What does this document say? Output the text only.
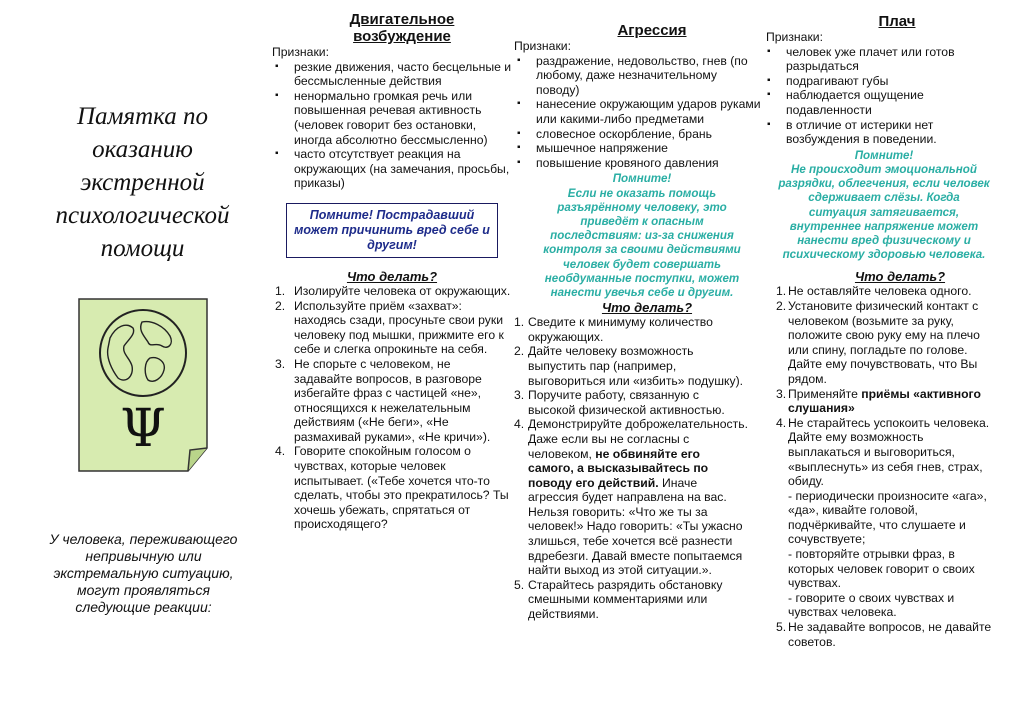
Памятка по
оказанию
экстренной
психологической
помощи
Ψ
У человека, переживающего
непривычную или
экстремальную ситуацию,
могут проявляться
следующие реакции:
Двигательное
возбуждение
Признаки:
▪ резкие движения, часто бесцельные и бессмысленные действия
▪ ненормально громкая речь или повышенная речевая активность (человек говорит без остановки, иногда абсолютно бессмысленно)
▪ часто отсутствует реакция на окружающих (на замечания, просьбы, приказы)
Помните! Пострадавший может причинить вред себе и другим!
Что делать?
1. Изолируйте человека от окружающих.
2. Используйте приём «захват»: находясь сзади, просуньте свои руки человеку под мышки, прижмите его к себе и слегка опрокиньте на себя.
3. Не спорьте с человеком, не задавайте вопросов, в разговоре избегайте фраз с частицей «не», относящихся к нежелательным действиям («Не беги», «Не размахивай руками», «Не кричи»).
4. Говорите спокойным голосом о чувствах, которые человек испытывает. («Тебе хочется что-то сделать, чтобы это прекратилось? Ты хочешь убежать, спрятаться от происходящего?
Агрессия
Признаки:
▪ раздражение, недовольство, гнев (по любому, даже незначительному поводу)
▪ нанесение окружающим ударов руками или какими-либо предметами
▪ словесное оскорбление, брань
▪ мышечное напряжение
▪ повышение кровяного давления
Помните!
Если не оказать помощь разъярённому человеку, это приведёт к опасным последствиям: из-за снижения контроля за своими действиями человек будет совершать необдуманные поступки, может нанести увечья себе и другим.
Что делать?
1. Сведите к минимуму количество окружающих.
2. Дайте человеку возможность выпустить пар (например, выговориться или «избить» подушку).
3. Поручите работу, связанную с высокой физической активностью.
4. Демонстрируйте доброжелательность. Даже если вы не согласны с человеком, не обвиняйте его самого, а высказывайтесь по поводу его действий. Иначе агрессия будет направлена на вас. Нельзя говорить: «Что же ты за человек!» Надо говорить: «Ты ужасно злишься, тебе хочется всё разнести вдребезги. Давай вместе попытаемся найти выход из этой ситуации.».
5. Старайтесь разрядить обстановку смешными комментариями или действиями.
Плач
Признаки:
▪ человек уже плачет или готов разрыдаться
▪ подрагивают губы
▪ наблюдается ощущение подавленности
▪ в отличие от истерики нет возбуждения в поведении.
Помните!
Не происходит эмоциональной разрядки, облегчения, если человек сдерживает слёзы. Когда ситуация затягивается, внутреннее напряжение может нанести вред физическому и психическому здоровью человека.
Что делать?
1. Не оставляйте человека одного.
2. Установите физический контакт с человеком (возьмите за руку, положите свою руку ему на плечо или спину, погладьте по голове. Дайте ему почувствовать, что Вы рядом.
3. Применяйте приёмы «активного слушания»
4. Не старайтесь успокоить человека. Дайте ему возможность выплакаться и выговориться, «выплеснуть» из себя гнев, страх, обиду.
- периодически произносите «ага», «да», кивайте головой, подчёркивайте, что слушаете и сочувствуете;
- повторяйте отрывки фраз, в которых человек говорит о своих чувствах.
- говорите о своих чувствах и чувствах человека.
5. Не задавайте вопросов, не давайте советов.
